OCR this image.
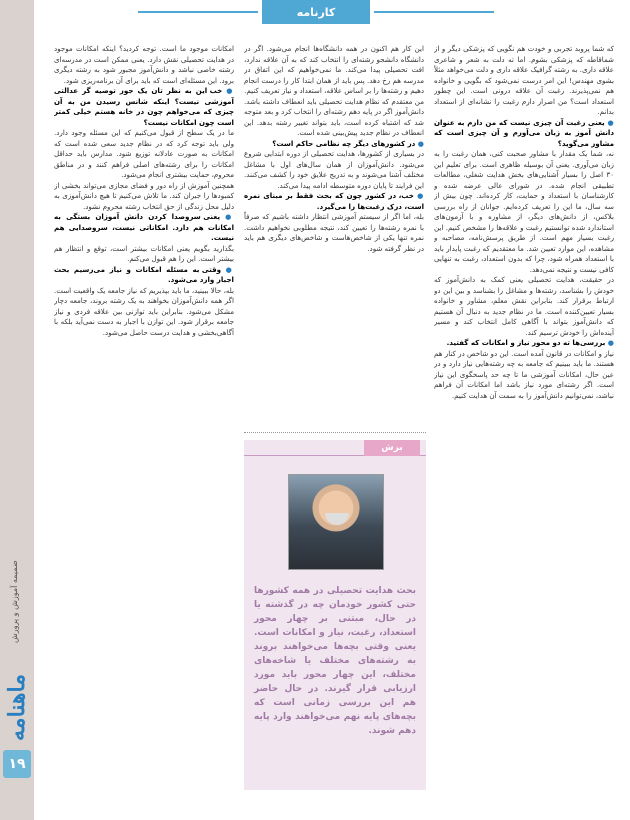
ضمیمه آموزش و پرورش
ماهنامه
۱۹
کارنامه

که شما پروبد تجربی و خودت هم نگویی که پزشکی دیگر و از شماقاطه که پزشکی بشوم. اما ته دلت به شعر و شاعری علاقه داری. به رشته گرافیک علاقه داری و دلت می‌خواهد مثلاً بشوی مهندس! این امر درست نمی‌شود که بگویی و خانواده هم نمی‌پذیرند. رغبت آن علاقه درونی است. این چطور استعداد است؟ من اصرار دارم رغبت را نشانه‌ای از استعداد بدانم.

● یعنی رغبت آن چیزی نیست که من دارم به عنوان دانش آموز به زبان می‌آورم و آن چیزی است که مشاور می‌گوید؟

نه، شما یک مقدار با مشاور صحبت کنی، همان رغبت را به زبان می‌آوری. یعنی آن بوسیله ظاهری است. برای تعلیم این ۳۰ اصل را بسیار آشنایی‌های بخش هدایت شغلی، مطالعات تطبیقی انجام شده. در شورای عالی عرضه شده و کارشناسان با استعداد و حمایت، کار کرده‌اند. چون بیش از سه سال، ما این را تعریف کرده‌ایم. جوانان از راه بررسی بلاکس، از دانش‌های دیگر، از مشاوره و با آزمون‌های استاندارد شده توانستیم رغبت و علاقه‌ها را مشخص کنیم. این رغبت بسیار مهم است. از طریق پرسش‌نامه، مصاحبه و مشاهده، این موارد تعیین شد. ما معتقدیم که رغبت پایدار باید با استعداد همراه شود، چرا که بدون استعداد، رغبت به تنهایی کافی نیست و نتیجه نمی‌دهد.

در حقیقت، هدایت تحصیلی یعنی کمک به دانش‌آموز که خودش را بشناسد، رشته‌ها و مشاغل را بشناسد و بین این دو ارتباط برقرار کند. بنابراین نقش معلم، مشاور و خانواده بسیار تعیین‌کننده است. ما در نظام جدید به دنبال آن هستیم که دانش‌آموز بتواند با آگاهی کامل انتخاب کند و مسیر آینده‌اش را خودش ترسیم کند.

● بررسی‌ها ته دو محور نیاز و امکانات که گفتید.

نیاز و امکانات در قانون آمده است. این دو شاخص در کنار هم هستند. ما باید ببینیم که جامعه به چه رشته‌هایی نیاز دارد و در عین حال، امکانات آموزشی ما تا چه حد پاسخگوی این نیاز است. اگر رشته‌ای مورد نیاز باشد اما امکانات آن فراهم نباشد، نمی‌توانیم دانش‌آموز را به سمت آن هدایت کنیم.

این کار هم اکنون در همه دانشگاه‌ها انجام می‌شود. اگر در دانشگاه دانشجو رشته‌ای را انتخاب کند که به آن علاقه ندارد، افت تحصیلی پیدا می‌کند. ما نمی‌خواهیم که این اتفاق در مدرسه هم رخ دهد. پس باید از همان ابتدا کار را درست انجام دهیم و رشته‌ها را بر اساس علاقه، استعداد و نیاز تعریف کنیم.

من معتقدم که نظام هدایت تحصیلی باید انعطاف داشته باشد. دانش‌آموز اگر در پایه دهم رشته‌ای را انتخاب کرد و بعد متوجه شد که اشتباه کرده است، باید بتواند تغییر رشته بدهد. این انعطاف در نظام جدید پیش‌بینی شده است.

● در کشورهای دیگر چه نظامی حاکم است؟

در بسیاری از کشورها، هدایت تحصیلی از دوره ابتدایی شروع می‌شود. دانش‌آموزان از همان سال‌های اول با مشاغل مختلف آشنا می‌شوند و به تدریج علایق خود را کشف می‌کنند. این فرایند تا پایان دوره متوسطه ادامه پیدا می‌کند.

● خب، در کشور چون که بحث فقط بر مبنای نمره است، درک رغبت‌ها را می‌گیرد.

بله، اما اگر از سیستم آموزشی انتظار داشته باشیم که صرفاً با نمره رشته‌ها را تعیین کند، نتیجه مطلوبی نخواهیم داشت. نمره تنها یکی از شاخص‌هاست و شاخص‌های دیگری هم باید در نظر گرفته شود.

امکانات موجود ما است. توجه کردید؟ اینکه امکانات موجود در هدایت تحصیلی نقش دارد. یعنی ممکن است در مدرسه‌ای رشته خاصی نباشد و دانش‌آموز مجبور شود به رشته دیگری برود. این مسئله‌ای است که باید برای آن برنامه‌ریزی شود.

● خب این به نظر تان یک جور توصیه گر عدالتی آموزشی نیست؟ اینکه شانس رسیدن من به آن چیزی که می‌خواهم چون در خانه هستم خیلی کمتر است چون امکانات نیست؟

ما در یک سطح از قبول می‌کنیم که این مسئله وجود دارد. ولی باید توجه کرد که در نظام جدید سعی شده است که امکانات به صورت عادلانه توزیع شود. مدارس باید حداقل امکانات را برای رشته‌های اصلی فراهم کنند و در مناطق محروم، حمایت بیشتری انجام می‌شود.

همچنین آموزش از راه دور و فضای مجازی می‌تواند بخشی از کمبودها را جبران کند. ما تلاش می‌کنیم تا هیچ دانش‌آموزی به دلیل محل زندگی از حق انتخاب رشته محروم نشود.

● یعنی سروصدا کردن دانش آموزان بستگی به امکانات هم دارد. امکاناتی نیست، سروصدایی هم نیست.

بگذارید بگویم یعنی امکانات بیشتر است، توقع و انتظار هم بیشتر است. این را هم قبول می‌کنم.

● وقتی به مسئله امکانات و نیاز می‌رسیم بحث اجبار وارد می‌شود.

بله، حالا ببینید، ما باید بپذیریم که نیاز جامعه یک واقعیت است. اگر همه دانش‌آموزان بخواهند به یک رشته بروند، جامعه دچار مشکل می‌شود. بنابراین باید توازنی بین علاقه فردی و نیاز جامعه برقرار شود. این توازن با اجبار به دست نمی‌آید بلکه با آگاهی‌بخشی و هدایت درست حاصل می‌شود.

برش
بحث هدایت تحصیلی در همه کشورها حتی کشور خودمان چه در گذشته یا در حال، مبتنی بر چهار محور استعداد، رغبت، نیاز و امکانات است. یعنی وقتی بچه‌ها می‌خواهند بروند به رشته‌های مختلف یا شاخه‌های مختلف، این چهار محور باید مورد ارزیابی قرار گیرند. در حال حاضر هم این بررسی زمانی است که بچه‌های پایه نهم می‌خواهند وارد پایه دهم شوند.
